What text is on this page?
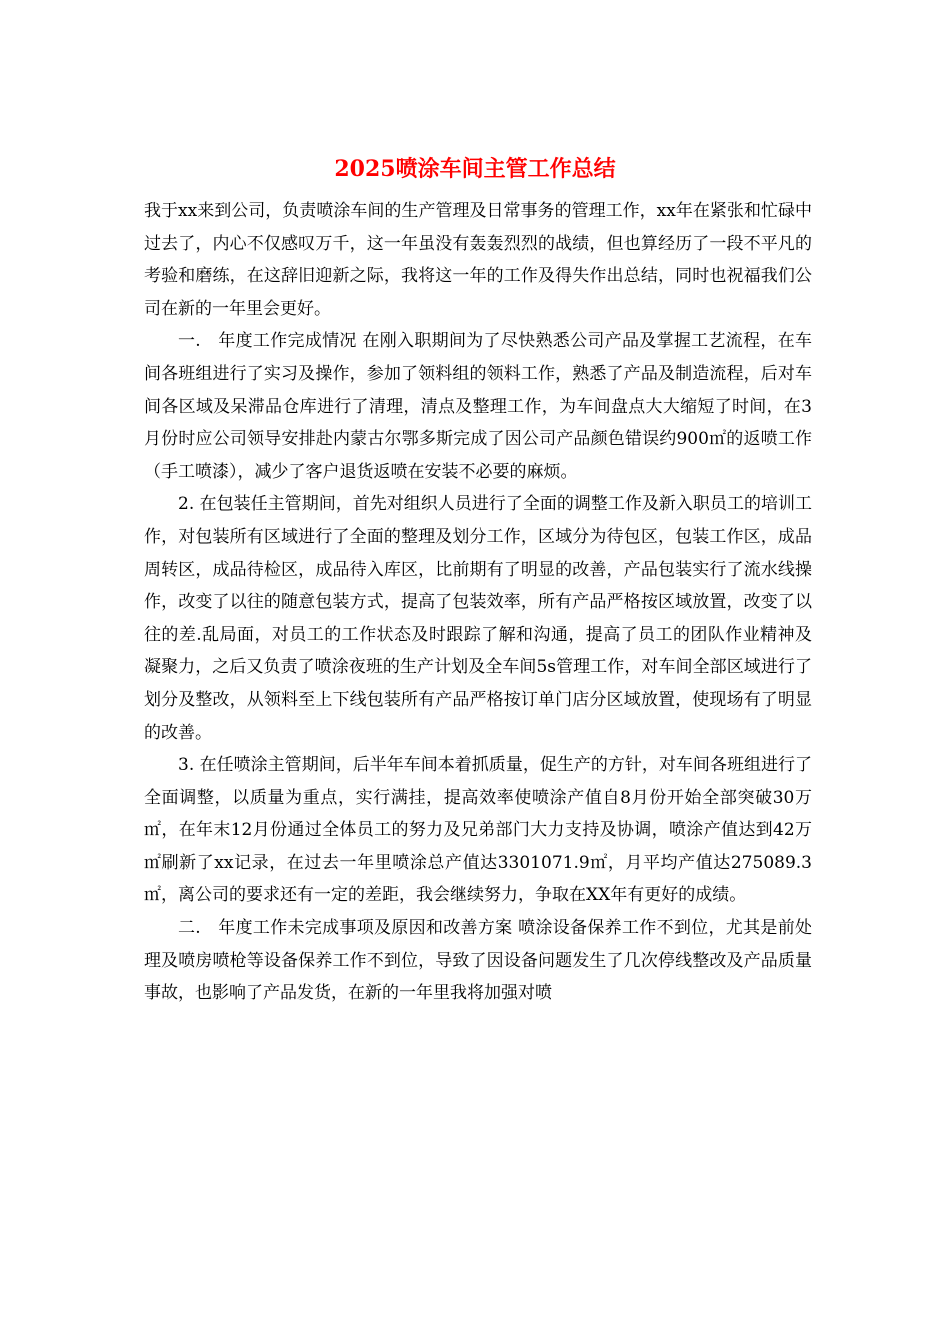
2025喷涂车间主管工作总结

我于xx来到公司，负责喷涂车间的生产管理及日常事务的管理工作，xx年在紧张和忙碌中过去了，内心不仅感叹万千，这一年虽没有轰轰烈烈的战绩，但也算经历了一段不平凡的考验和磨练，在这辞旧迎新之际，我将这一年的工作及得失作出总结，同时也祝福我们公司在新的一年里会更好。

一.　年度工作完成情况 在刚入职期间为了尽快熟悉公司产品及掌握工艺流程，在车间各班组进行了实习及操作，参加了领料组的领料工作，熟悉了产品及制造流程，后对车间各区域及呆滞品仓库进行了清理，清点及整理工作，为车间盘点大大缩短了时间，在3月份时应公司领导安排赴内蒙古尔鄂多斯完成了因公司产品颜色错误约900㎡的返喷工作（手工喷漆），减少了客户退货返喷在安装不必要的麻烦。

2. 在包装任主管期间，首先对组织人员进行了全面的调整工作及新入职员工的培训工作，对包装所有区域进行了全面的整理及划分工作，区域分为待包区，包装工作区，成品周转区，成品待检区，成品待入库区，比前期有了明显的改善，产品包装实行了流水线操作，改变了以往的随意包装方式，提高了包装效率，所有产品严格按区域放置，改变了以往的差.乱局面，对员工的工作状态及时跟踪了解和沟通，提高了员工的团队作业精神及凝聚力，之后又负责了喷涂夜班的生产计划及全车间5s管理工作，对车间全部区域进行了划分及整改，从领料至上下线包装所有产品严格按订单门店分区域放置，使现场有了明显的改善。

3. 在任喷涂主管期间，后半年车间本着抓质量，促生产的方针，对车间各班组进行了全面调整，以质量为重点，实行满挂，提高效率使喷涂产值自8月份开始全部突破30万㎡，在年末12月份通过全体员工的努力及兄弟部门大力支持及协调，喷涂产值达到42万㎡刷新了xx记录，在过去一年里喷涂总产值达3301071.9㎡，月平均产值达275089.3㎡，离公司的要求还有一定的差距，我会继续努力，争取在XX年有更好的成绩。

二.　年度工作未完成事项及原因和改善方案 喷涂设备保养工作不到位，尤其是前处理及喷房喷枪等设备保养工作不到位，导致了因设备问题发生了几次停线整改及产品质量事故，也影响了产品发货，在新的一年里我将加强对喷
